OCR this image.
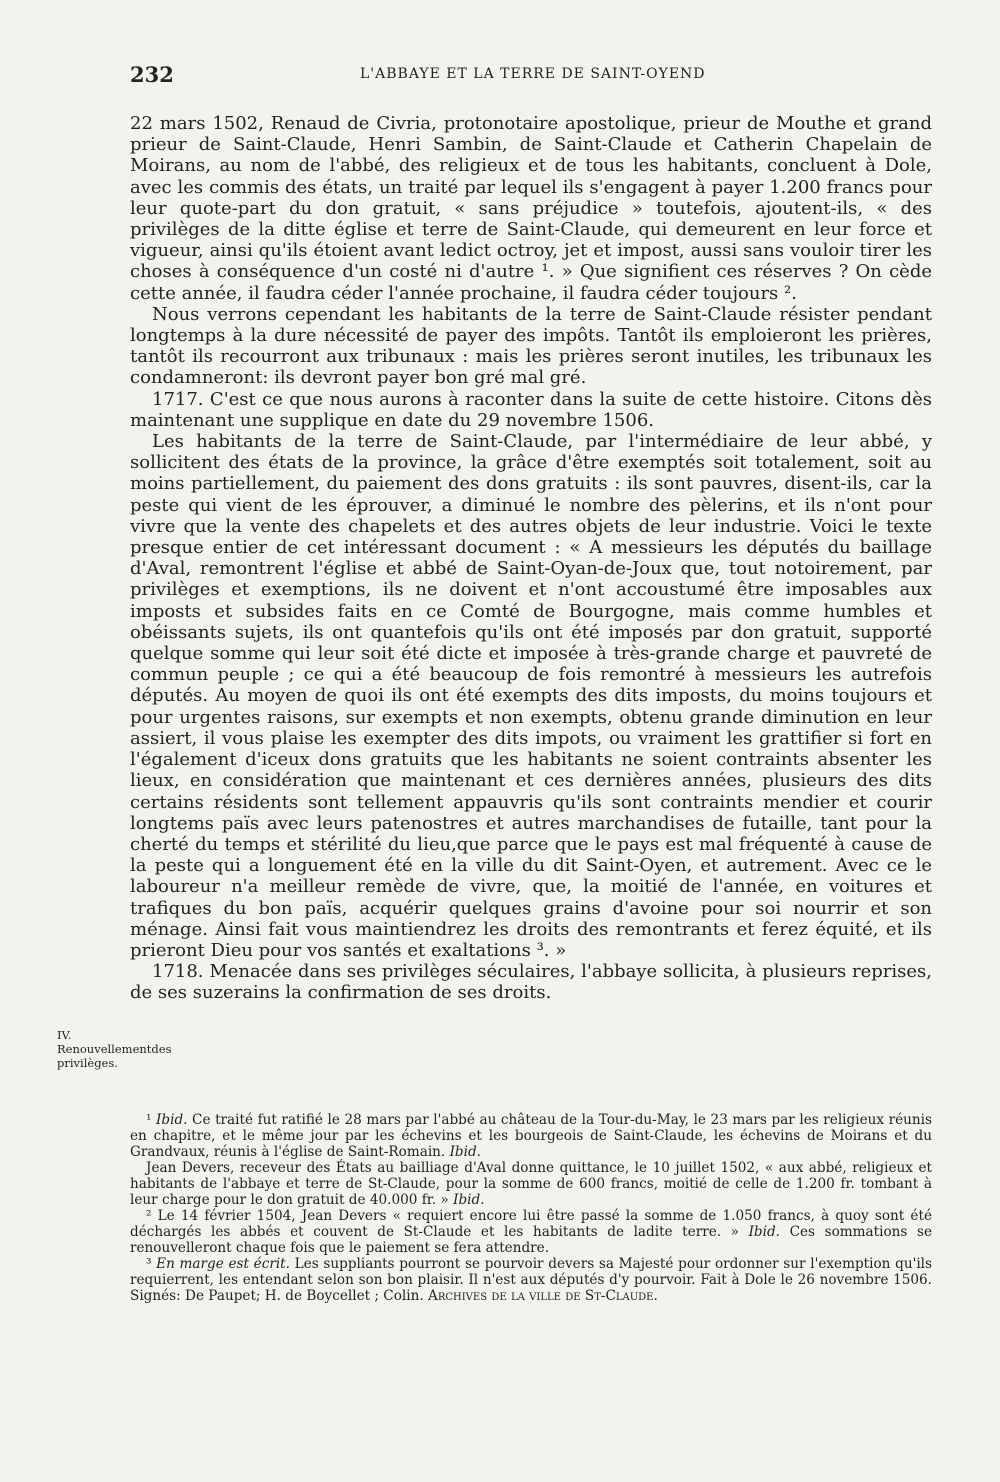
232	L'ABBAYE ET LA TERRE DE SAINT-OYEND

22 mars 1502, Renaud de Civria, protonotaire apostolique, prieur de Mouthe et grand prieur de Saint-Claude, Henri Sambin, de Saint-Claude et Catherin Chapelain de Moirans, au nom de l'abbé, des religieux et de tous les habitants, concluent à Dole, avec les commis des états, un traité par lequel ils s'engagent à payer 1.200 francs pour leur quote-part du don gratuit, « sans préjudice » toutefois, ajoutent-ils, « des privilèges de la ditte église et terre de Saint-Claude, qui demeurent en leur force et vigueur, ainsi qu'ils étoient avant ledict octroy, jet et impost, aussi sans vouloir tirer les choses à conséquence d'un costé ni d'autre ¹. » Que signifient ces réserves ? On cède cette année, il faudra céder l'année prochaine, il faudra céder toujours ².

Nous verrons cependant les habitants de la terre de Saint-Claude résister pendant longtemps à la dure nécessité de payer des impôts. Tantôt ils emploieront les prières, tantôt ils recourront aux tribunaux : mais les prières seront inutiles, les tribunaux les condamneront: ils devront payer bon gré mal gré.

1717. C'est ce que nous aurons à raconter dans la suite de cette histoire. Citons dès maintenant une supplique en date du 29 novembre 1506.

Les habitants de la terre de Saint-Claude, par l'intermédiaire de leur abbé, y sollicitent des états de la province, la grâce d'être exemptés soit totalement, soit au moins partiellement, du paiement des dons gratuits : ils sont pauvres, disent-ils, car la peste qui vient de les éprouver, a diminué le nombre des pèlerins, et ils n'ont pour vivre que la vente des chapelets et des autres objets de leur industrie. Voici le texte presque entier de cet intéressant document : « A messieurs les députés du baillage d'Aval, remontrent l'église et abbé de Saint-Oyan-de-Joux que, tout notoirement, par privilèges et exemptions, ils ne doivent et n'ont accoustumé être imposables aux imposts et subsides faits en ce Comté de Bourgogne, mais comme humbles et obéissants sujets, ils ont quantefois qu'ils ont été imposés par don gratuit, supporté quelque somme qui leur soit été dicte et imposée à très-grande charge et pauvreté de commun peuple ; ce qui a été beaucoup de fois remontré à messieurs les autrefois députés. Au moyen de quoi ils ont été exempts des dits imposts, du moins toujours et pour urgentes raisons, sur exempts et non exempts, obtenu grande diminution en leur assiert, il vous plaise les exempter des dits impots, ou vraiment les grattifier si fort en l'également d'iceux dons gratuits que les habitants ne soient contraints absenter les lieux, en considération que maintenant et ces dernières années, plusieurs des dits certains résidents sont tellement appauvris qu'ils sont contraints mendier et courir longtems païs avec leurs patenostres et autres marchandises de futaille, tant pour la cherté du temps et stérilité du lieu,que parce que le pays est mal fréquenté à cause de la peste qui a longuement été en la ville du dit Saint-Oyen, et autrement. Avec ce le laboureur n'a meilleur remède de vivre, que, la moitié de l'année, en voitures et trafiques du bon païs, acquérir quelques grains d'avoine pour soi nourrir et son ménage. Ainsi fait vous maintiendrez les droits des remontrants et ferez équité, et ils prieront Dieu pour vos santés et exaltations ³. »

1718. Menacée dans ses privilèges séculaires, l'abbaye sollicita, à plusieurs reprises, de ses suzerains la confirmation de ses droits.

IV. Renouvellementdes privilèges.

¹ Ibid. Ce traité fut ratifié le 28 mars par l'abbé au château de la Tour-du-May, le 23 mars par les religieux réunis en chapitre, et le même jour par les échevins et les bourgeois de Saint-Claude, les échevins de Moirans et du Grandvaux, réunis à l'église de Saint-Romain. Ibid.

Jean Devers, receveur des États au bailliage d'Aval donne quittance, le 10 juillet 1502, « aux abbé, religieux et habitants de l'abbaye et terre de St-Claude, pour la somme de 600 francs, moitié de celle de 1.200 fr. tombant à leur charge pour le don gratuit de 40.000 fr. » Ibid.

² Le 14 février 1504, Jean Devers « requiert encore lui être passé la somme de 1.050 francs, à quoy sont été déchargés les abbés et couvent de St-Claude et les habitants de ladite terre. » Ibid. Ces sommations se renouvelleront chaque fois que le paiement se fera attendre.

³ En marge est écrit. Les suppliants pourront se pourvoir devers sa Majesté pour ordonner sur l'exemption qu'ils requierrent, les entendant selon son bon plaisir. Il n'est aux députés d'y pourvoir. Fait à Dole le 26 novembre 1506. Signés: De Paupet; H. de Boycellet ; Colin. Archives de la ville de St-Claude.
